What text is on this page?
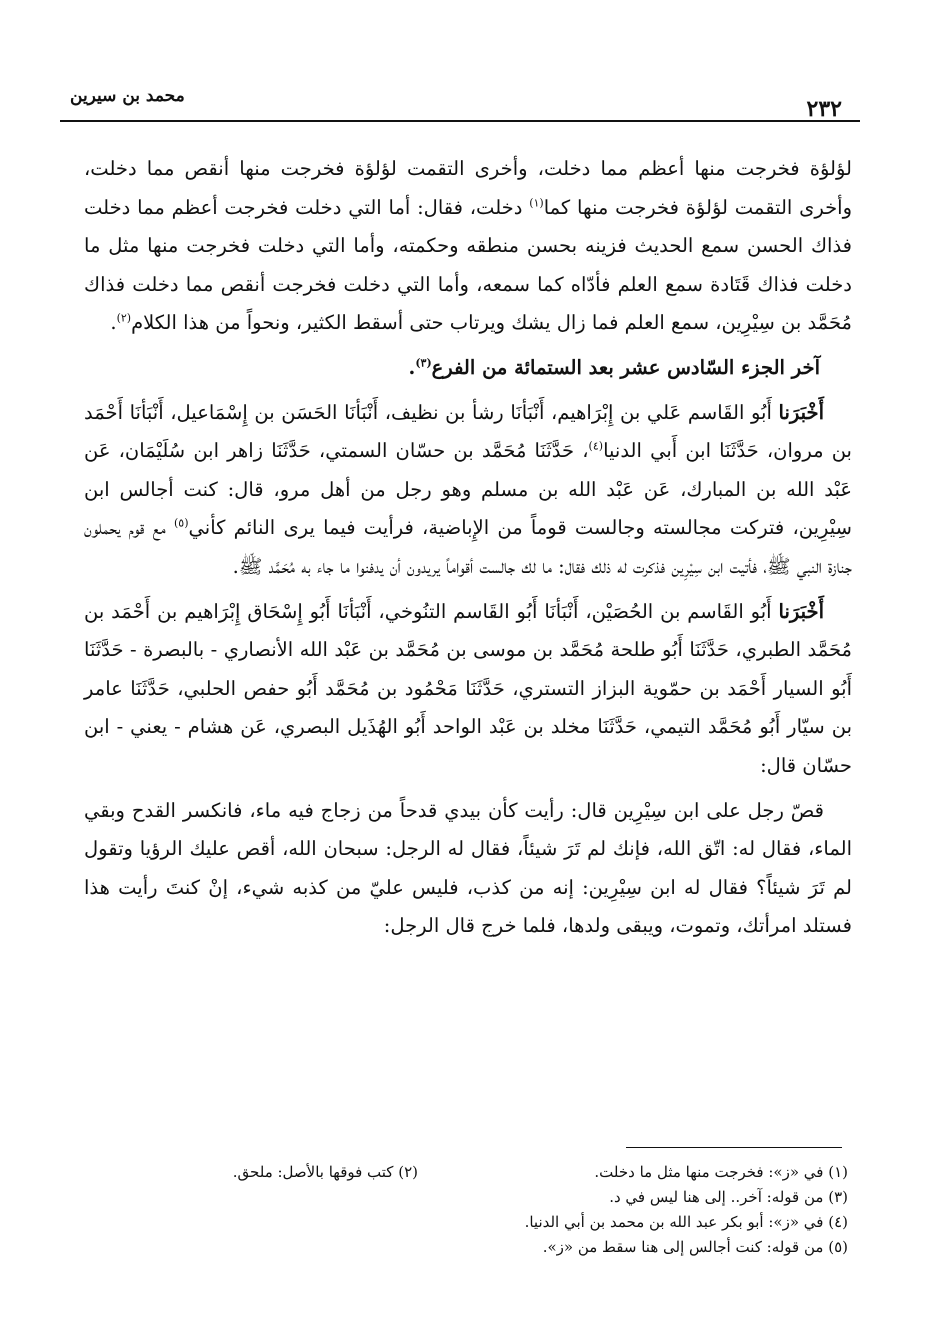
محمد بن سيرين	٢٣٢

لؤلؤة فخرجت منها أعظم مما دخلت، وأخرى التقمت لؤلؤة فخرجت منها أنقص مما دخلت، وأخرى التقمت لؤلؤة فخرجت منها كما$^{(١)}$ دخلت، فقال: أما التي دخلت فخرجت أعظم مما دخلت فذاك الحسن سمع الحديث فزينه بحسن منطقه وحكمته، وأما التي دخلت فخرجت منها مثل ما دخلت فذاك قَتَادة سمع العلم فأدّاه كما سمعه، وأما التي دخلت فخرجت أنقص مما دخلت فذاك مُحَمَّد بن سِيْرِين، سمع العلم فما زال يشك ويرتاب حتى أسقط الكثير، ونحواً من هذا الكلام$^{(٢)}$.

آخر الجزء السّادس عشر بعد الستمائة من الفرع$^{(٣)}$.

أَخْبَرَنا أَبُو القَاسم عَلي بن إِبْرَاهيم، أَنْبَأنَا رشأ بن نظيف، أَنْبَأنَا الحَسَن بن إِسْمَاعيل، أَنْبَأنَا أَحْمَد بن مروان، حَدَّثَنَا ابن أَبي الدنيا$^{(٤)}$، حَدَّثَنَا مُحَمَّد بن حسّان السمتي، حَدَّثَنَا زاهر ابن سُلَيْمَان، عَن عَبْد الله بن المبارك، عَن عَبْد الله بن مسلم وهو رجل من أهل مرو، قال: كنت أجالس ابن سِيْرِين، فتركت مجالسته وجالست قوماً من الإِباضية، فرأيت فيما يرى النائم كأني$^{(٥)}$ مع قوم يحملون جنازة النبي ﷺ، فأتيت ابن سِيْرِين فذكرت له ذلك فقال: ما لك جالست أقواماً يريدون أن يدفنوا ما جاء به مُحَمَّد ﷺ.

أَخْبَرَنا أَبُو القَاسم بن الحُصَيْن، أَنْبَأنَا أَبُو القَاسم التنُوخي، أَنْبَأنَا أَبُو إِسْحَاق إِبْرَاهيم بن أَحْمَد بن مُحَمَّد الطبري، حَدَّثَنَا أَبُو طلحة مُحَمَّد بن موسى بن مُحَمَّد بن عَبْد الله الأنصاري - بالبصرة - حَدَّثَنَا أَبُو السيار أَحْمَد بن حمّوية البزاز التستري، حَدَّثَنَا مَحْمُود بن مُحَمَّد أَبُو حفص الحلبي، حَدَّثَنَا عامر بن سيّار أَبُو مُحَمَّد التيمي، حَدَّثَنَا مخلد بن عَبْد الواحد أَبُو الهُذَيل البصري، عَن هشام - يعني - ابن حسّان قال:

قصّ رجل على ابن سِيْرِين قال: رأيت كأن بيدي قدحاً من زجاج فيه ماء، فانكسر القدح وبقي الماء، فقال له: اتّق الله، فإنك لم تَرَ شيئاً، فقال له الرجل: سبحان الله، أقص عليك الرؤيا وتقول لم تَرَ شيئاً؟ فقال له ابن سِيْرِين: إنه من كذب، فليس عليّ من كذبه شيء، إنْ كنتَ رأيت هذا فستلد امرأتك، وتموت، ويبقى ولدها، فلما خرج قال الرجل:

(١) في «ز»: فخرجت منها مثل ما دخلت.
(٢) كتب فوقها بالأصل: ملحق.
(٣) من قوله: آخر.. إلى هنا ليس في د.
(٤) في «ز»: أبو بكر عبد الله بن محمد بن أبي الدنيا.
(٥) من قوله: كنت أجالس إلى هنا سقط من «ز».
